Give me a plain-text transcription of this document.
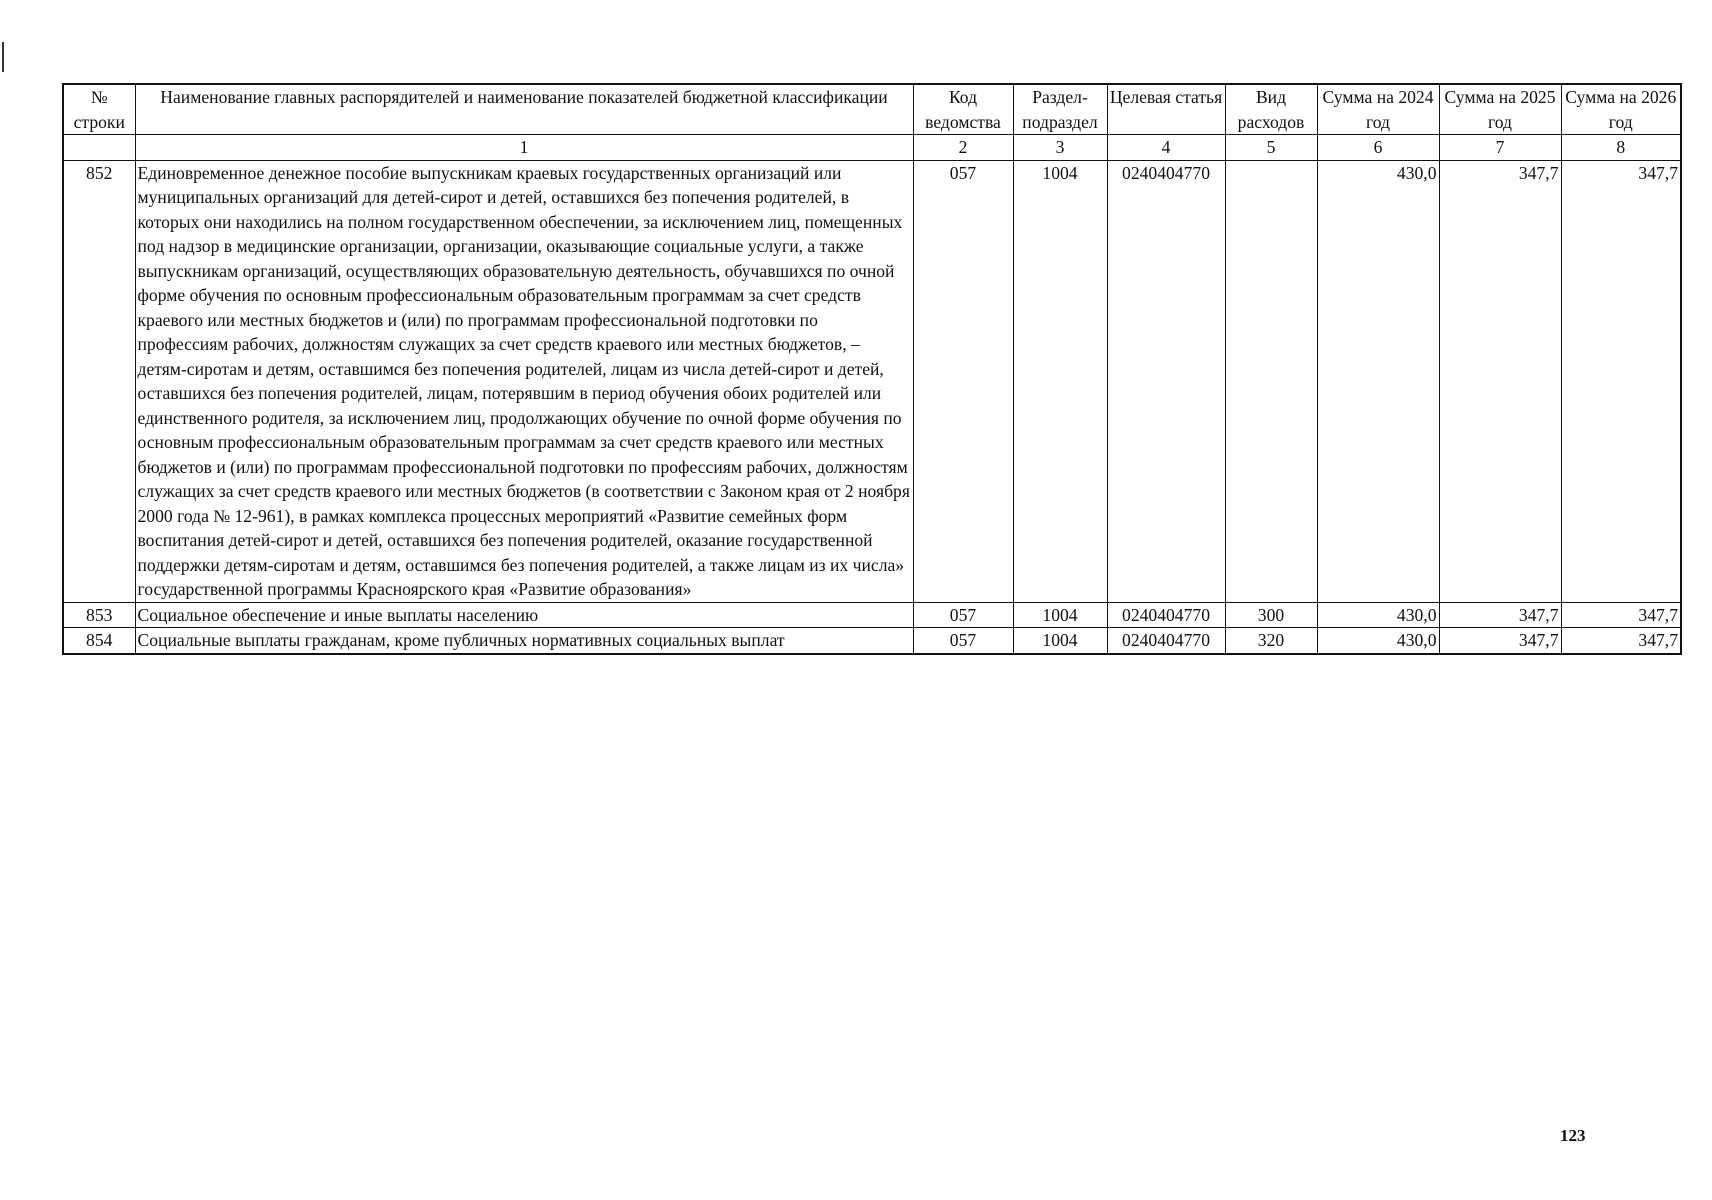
№ строки	Наименование главных распорядителей и наименование показателей бюджетной классификации	Код ведомства	Раздел-подраздел	Целевая статья	Вид расходов	Сумма на 2024 год	Сумма на 2025 год	Сумма на 2026 год
	1	2	3	4	5	6	7	8
852	Единовременное денежное пособие выпускникам краевых государственных организаций или муниципальных организаций для детей-сирот и детей, оставшихся без попечения родителей, в которых они находились на полном государственном обеспечении, за исключением лиц, помещенных под надзор в медицинские организации, организации, оказывающие социальные услуги, а также выпускникам организаций, осуществляющих образовательную деятельность, обучавшихся по очной форме обучения по основным профессиональным образовательным программам за счет средств краевого или местных бюджетов и (или) по программам профессиональной подготовки по профессиям рабочих, должностям служащих за счет средств краевого или местных бюджетов, – детям-сиротам и детям, оставшимся без попечения родителей, лицам из числа детей-сирот и детей, оставшихся без попечения родителей, лицам, потерявшим в период обучения обоих родителей или единственного родителя, за исключением лиц, продолжающих обучение по очной форме обучения по основным профессиональным образовательным программам за счет средств краевого или местных бюджетов и (или) по программам профессиональной подготовки по профессиям рабочих, должностям служащих за счет средств краевого или местных бюджетов (в соответствии с Законом края от 2 ноября 2000 года № 12-961), в рамках комплекса процессных мероприятий «Развитие семейных форм воспитания детей-сирот и детей, оставшихся без попечения родителей, оказание государственной поддержки детям-сиротам и детям, оставшимся без попечения родителей, а также лицам из их числа» государственной программы Красноярского края «Развитие образования»	057	1004	0240404770		430,0	347,7	347,7
853	Социальное обеспечение и иные выплаты населению	057	1004	0240404770	300	430,0	347,7	347,7
854	Социальные выплаты гражданам, кроме публичных нормативных социальных выплат	057	1004	0240404770	320	430,0	347,7	347,7
123
